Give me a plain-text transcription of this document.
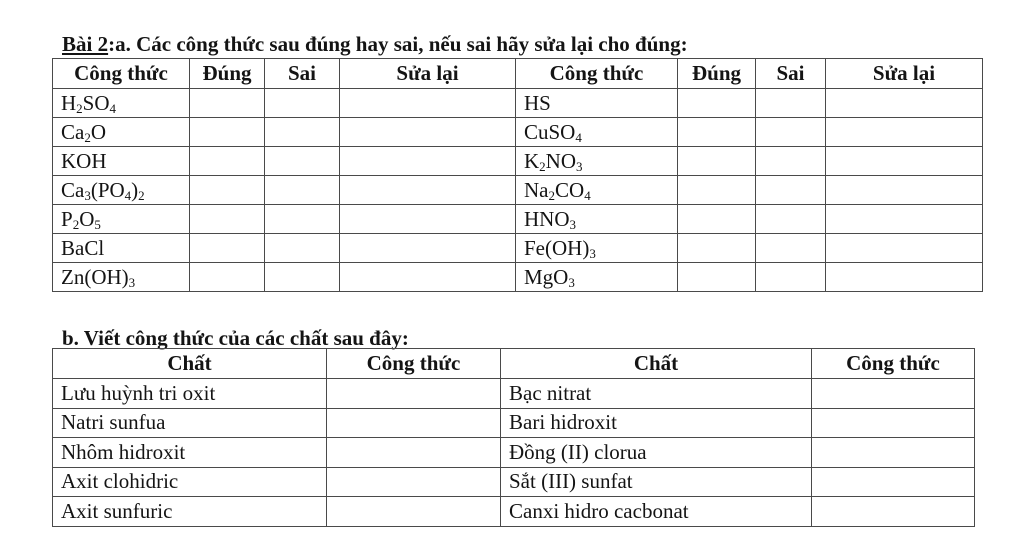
Bài 2:a. Các công thức sau đúng hay sai, nếu sai hãy sửa lại cho đúng:
Công thức	Đúng	Sai	Sửa lại	Công thức	Đúng	Sai	Sửa lại
$H_2SO_4$				HS			
$Ca_2O$				CuSO$_4$			
KOH				$K_2NO_3$			
$Ca_3(PO_4)_2$				$Na_2CO_4$			
$P_2O_5$				$HNO_3$			
BaCl				$Fe(OH)_3$			
$Zn(OH)_3$				MgO$_3$			
b. Viết công thức của các chất sau đây:
Chất	Công thức	Chất	Công thức
Lưu huỳnh tri oxit		Bạc nitrat	
Natri sunfua		Bari hidroxit	
Nhôm hidroxit		Đồng (II) clorua	
Axit clohidric		Sắt (III) sunfat	
Axit sunfuric		Canxi hidro cacbonat	
